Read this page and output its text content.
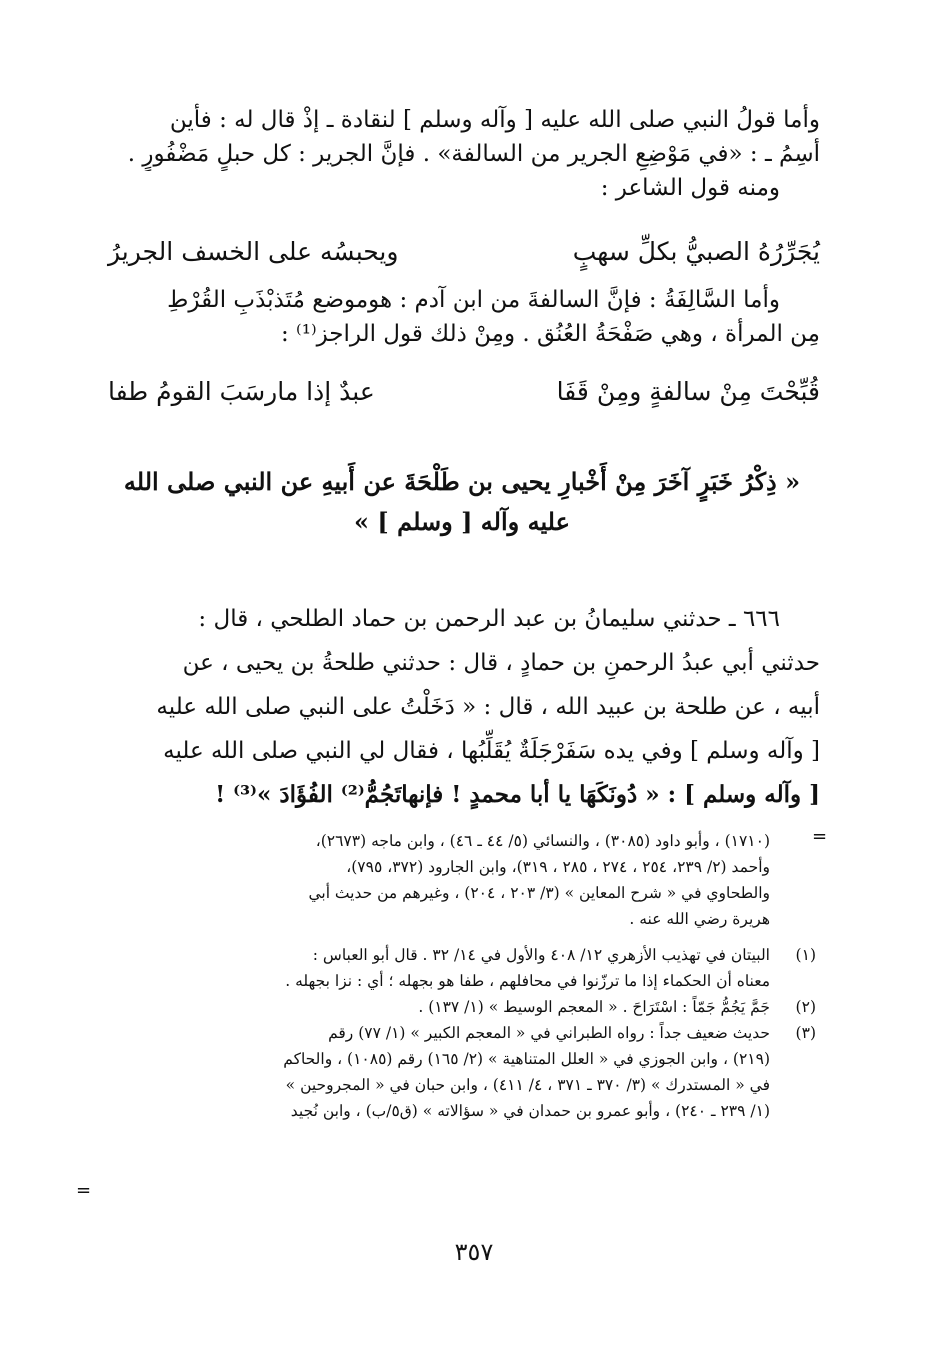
وأما قولُ النبي صلى الله عليه [ وآله وسلم ] لنقادة ـ إذْ قال له : فأين
أسِمُ ـ : «في مَوْضِعِ الجرير من السالفة» . فإنَّ الجرير : كل حبلٍ مَضْفُورٍ .
ومنه قول الشاعر :
يُجَرِّرُهُ الصبيُّ بكلِّ سهبٍ
ويحبسُه على الخسف الجريرُ
وأما السَّالِفَةُ : فإنَّ السالفةَ من ابن آدم : هوموضع مُتَذبْذَبِ القُرْطِ
مِن المرأة ، وهي صَفْحَةُ العُنُق . ومِنْ ذلك قول الراجز⁽¹⁾ :
قُبِّحْتَ مِنْ سالفةٍ ومِنْ قَفَا
عبدٌ إذا مارسَبَ القومُ طفا
« ذِكْرُ خَبَرٍ آخَرَ مِنْ أَخْبارِ يحيى بن طَلْحَةَ عن أَبيهِ عن النبي صلى الله
عليه وآله [ وسلم ] »
٦٦٦ ـ حدثني سليمانُ بن عبد الرحمن بن حماد الطلحي ، قال :
حدثني أبي عبدُ الرحمنِ بن حمادٍ ، قال : حدثني طلحةُ بن يحيى ، عن
أبيه ، عن طلحة بن عبيد الله ، قال : « دَخَلْتُ على النبي صلى الله عليه
[ وآله وسلم ] وفي يده سَفَرْجَلَةٌ يُقَلِّبُها ، فقال لي النبي صلى الله عليه
[ وآله وسلم ] : « دُونَكَهَا يا أبا محمدٍ ! فإنهاتَجُمُّ⁽²⁾ الفُؤَادَ »⁽³⁾ !
=
(١٧١٠) ، وأبو داود (٣٠٨٥) ، والنسائي (٥/ ٤٤ ـ ٤٦) ، وابن ماجه (٢٦٧٣)،
وأحمد (٢/ ٢٣٩، ٢٥٤ ، ٢٧٤ ، ٢٨٥ ، ٣١٩)، وابن الجارود (٣٧٢، ٧٩٥)،
والطحاوي في « شرح المعاين » (٣/ ٢٠٣ ، ٢٠٤) ، وغيرهم من حديث أبي
هريرة رضي الله عنه .
(١)
البيتان في تهذيب الأزهري ١٢/ ٤٠٨ والأول في ١٤/ ٣٢ . قال أبو العباس :
معناه أن الحكماء إذا ما ترزّنوا في محافلهم ، طفا هو بجهله ؛ أي : نزا بجهله .
(٢)
جَمَّ يَجُمُّ جَمّاً : اسْتَرَاحَ . « المعجم الوسيط » (١/ ١٣٧) .
(٣)
حديث ضعيف جداً : رواه الطبراني في « المعجم الكبير » (١/ ٧٧) رقم
(٢١٩) ، وابن الجوزي في « العلل المتناهية » (٢/ ١٦٥) رقم (١٠٨٥) ، والحاكم
في « المستدرك » (٣/ ٣٧٠ ـ ٣٧١ ، ٤/ ٤١١) ، وابن حبان في « المجروحين »
(١/ ٢٣٩ ـ ٢٤٠) ، وأبو عمرو بن حمدان في « سؤالاته » (ق٥/ب) ، وابن نُجيد
=
٣٥٧
